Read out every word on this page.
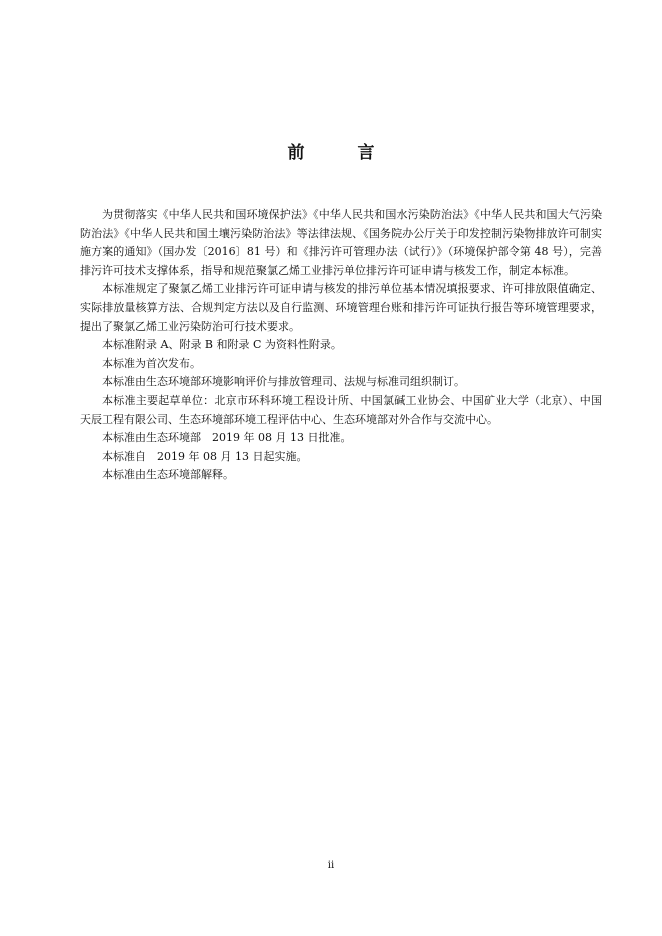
前　言

为贯彻落实《中华人民共和国环境保护法》《中华人民共和国水污染防治法》《中华人民共和国大气污染防治法》《中华人民共和国土壤污染防治法》等法律法规、《国务院办公厅关于印发控制污染物排放许可制实施方案的通知》（国办发〔2016〕81 号）和《排污许可管理办法（试行）》（环境保护部令第 48 号），完善排污许可技术支撑体系，指导和规范聚氯乙烯工业排污单位排污许可证申请与核发工作，制定本标准。

本标准规定了聚氯乙烯工业排污许可证申请与核发的排污单位基本情况填报要求、许可排放限值确定、实际排放量核算方法、合规判定方法以及自行监测、环境管理台账和排污许可证执行报告等环境管理要求，提出了聚氯乙烯工业污染防治可行技术要求。

本标准附录 A、附录 B 和附录 C 为资料性附录。

本标准为首次发布。

本标准由生态环境部环境影响评价与排放管理司、法规与标准司组织制订。

本标准主要起草单位：北京市环科环境工程设计所、中国氯碱工业协会、中国矿业大学（北京）、中国天辰工程有限公司、生态环境部环境工程评估中心、生态环境部对外合作与交流中心。

本标准由生态环境部　2019 年 08 月 13 日批准。

本标准自　2019 年 08 月 13 日起实施。

本标准由生态环境部解释。

ii
